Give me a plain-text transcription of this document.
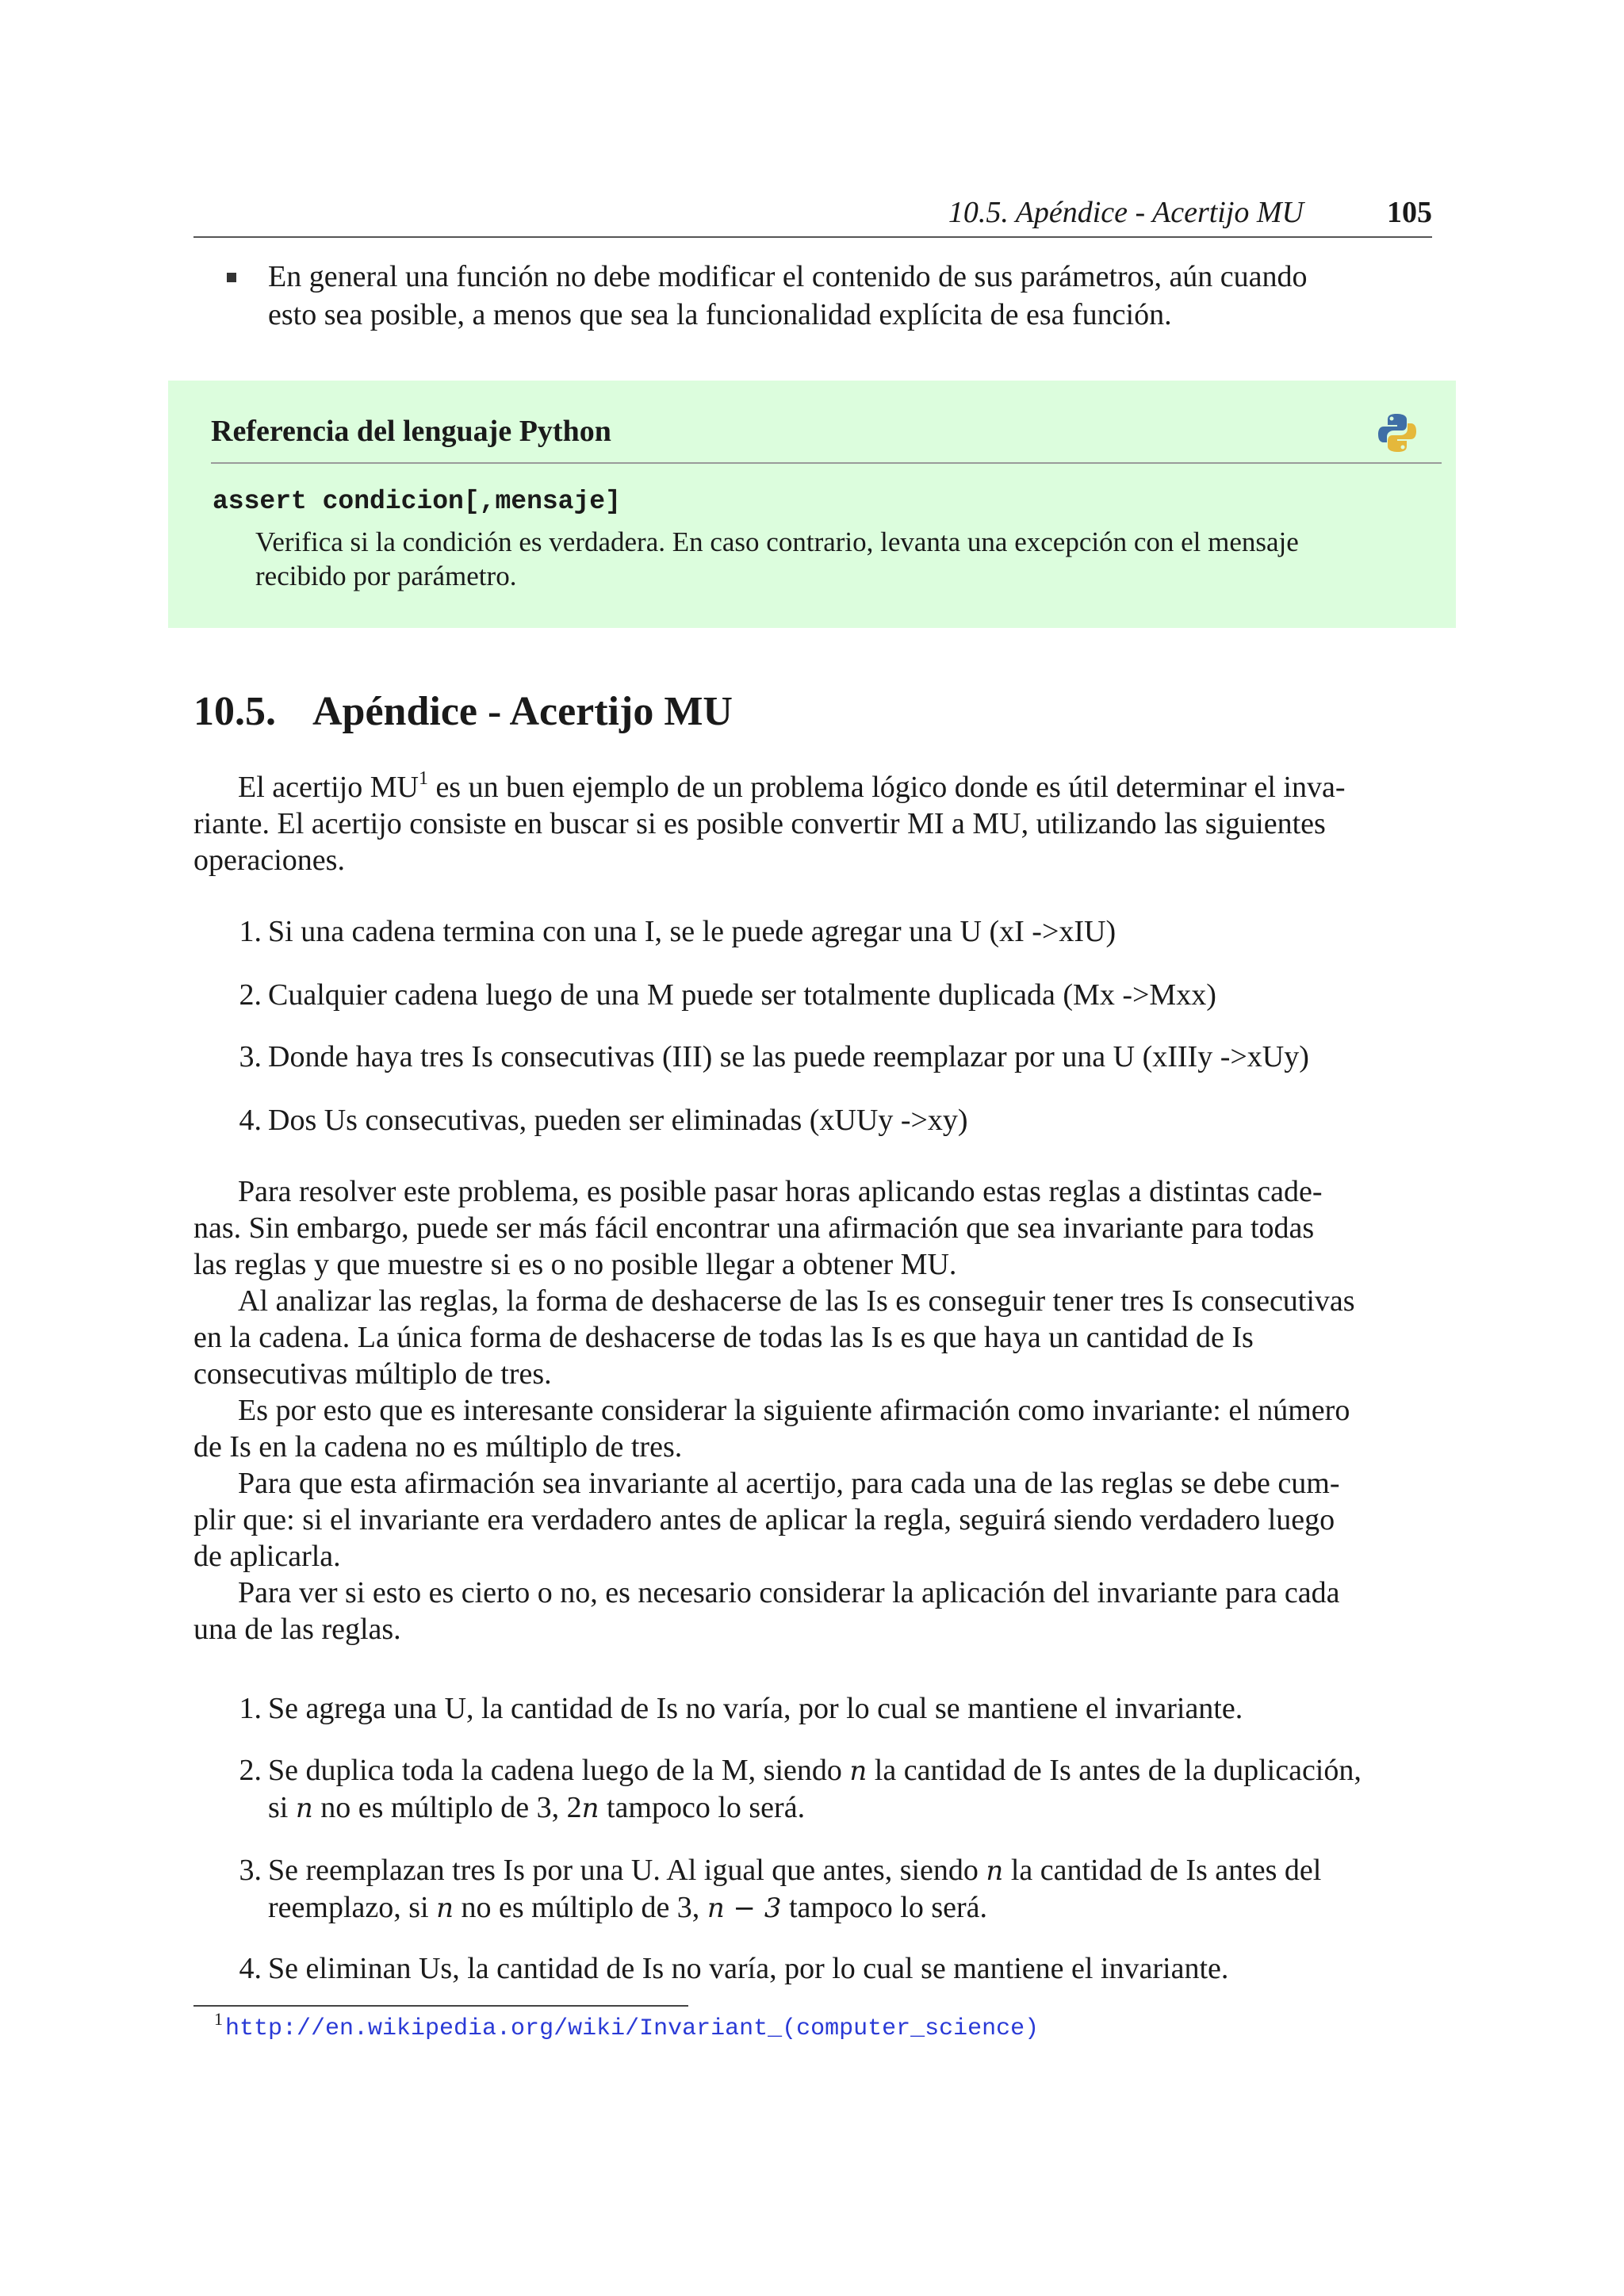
10.5. Apéndice - Acertijo MU	105
En general una función no debe modificar el contenido de sus parámetros, aún cuando
esto sea posible, a menos que sea la funcionalidad explícita de esa función.
Referencia del lenguaje Python
assert condicion[,mensaje]
Verifica si la condición es verdadera. En caso contrario, levanta una excepción con el mensaje
recibido por parámetro.
10.5. Apéndice - Acertijo MU
El acertijo $MU^1$ es un buen ejemplo de un problema lógico donde es útil determinar el inva-
riante. El acertijo consiste en buscar si es posible convertir MI a MU, utilizando las siguientes
operaciones.
1. Si una cadena termina con una I, se le puede agregar una U (xI ->xIU)
2. Cualquier cadena luego de una M puede ser totalmente duplicada (Mx ->Mxx)
3. Donde haya tres Is consecutivas (III) se las puede reemplazar por una U (xIIIy ->xUy)
4. Dos Us consecutivas, pueden ser eliminadas (xUUy ->xy)
Para resolver este problema, es posible pasar horas aplicando estas reglas a distintas cade-
nas. Sin embargo, puede ser más fácil encontrar una afirmación que sea invariante para todas
las reglas y que muestre si es o no posible llegar a obtener MU.
Al analizar las reglas, la forma de deshacerse de las Is es conseguir tener tres Is consecutivas
en la cadena. La única forma de deshacerse de todas las Is es que haya un cantidad de Is
consecutivas múltiplo de tres.
Es por esto que es interesante considerar la siguiente afirmación como invariante: el número
de Is en la cadena no es múltiplo de tres.
Para que esta afirmación sea invariante al acertijo, para cada una de las reglas se debe cum-
plir que: si el invariante era verdadero antes de aplicar la regla, seguirá siendo verdadero luego
de aplicarla.
Para ver si esto es cierto o no, es necesario considerar la aplicación del invariante para cada
una de las reglas.
1. Se agrega una U, la cantidad de Is no varía, por lo cual se mantiene el invariante.
2. Se duplica toda la cadena luego de la M, siendo n la cantidad de Is antes de la duplicación,
si n no es múltiplo de 3, 2n tampoco lo será.
3. Se reemplazan tres Is por una U. Al igual que antes, siendo n la cantidad de Is antes del
reemplazo, si n no es múltiplo de 3, n − 3 tampoco lo será.
4. Se eliminan Us, la cantidad de Is no varía, por lo cual se mantiene el invariante.
1 http://en.wikipedia.org/wiki/Invariant_(computer_science)
